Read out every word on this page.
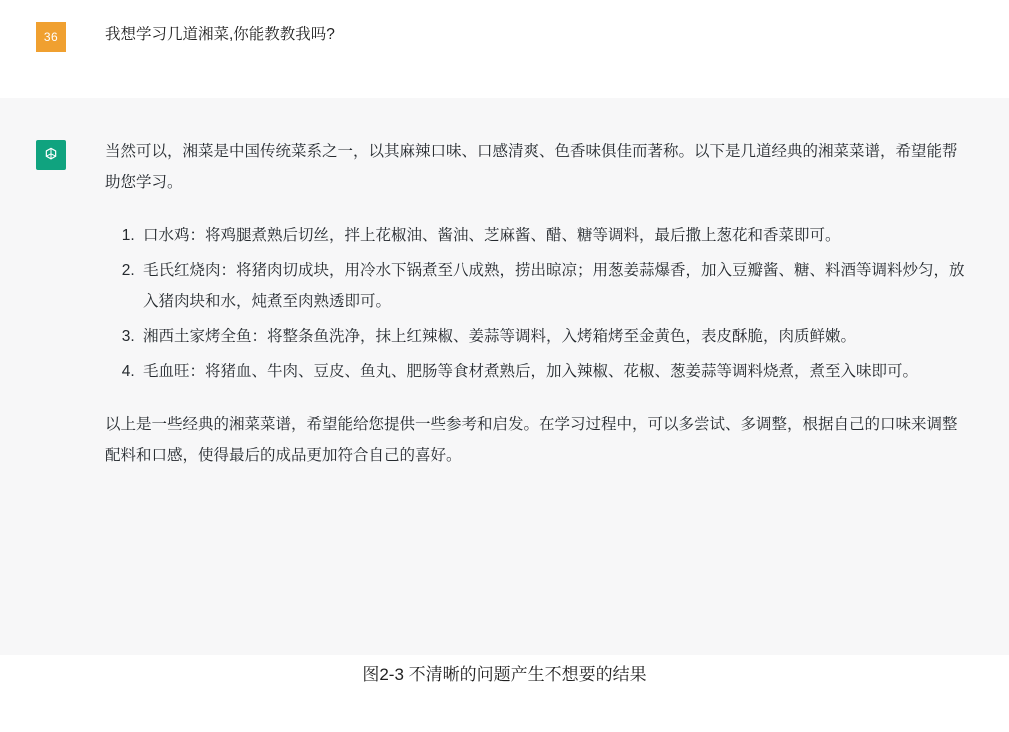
36	我想学习几道湘菜,你能教教我吗?

当然可以，湘菜是中国传统菜系之一，以其麻辣口味、口感清爽、色香味俱佳而著称。以下是几道经典的湘菜菜谱，希望能帮助您学习。

1. 口水鸡：将鸡腿煮熟后切丝，拌上花椒油、酱油、芝麻酱、醋、糖等调料，最后撒上葱花和香菜即可。
2. 毛氏红烧肉：将猪肉切成块，用冷水下锅煮至八成熟，捞出晾凉；用葱姜蒜爆香，加入豆瓣酱、糖、料酒等调料炒匀，放入猪肉块和水，炖煮至肉熟透即可。
3. 湘西土家烤全鱼：将整条鱼洗净，抹上红辣椒、姜蒜等调料，入烤箱烤至金黄色，表皮酥脆，肉质鲜嫩。
4. 毛血旺：将猪血、牛肉、豆皮、鱼丸、肥肠等食材煮熟后，加入辣椒、花椒、葱姜蒜等调料烧煮，煮至入味即可。

以上是一些经典的湘菜菜谱，希望能给您提供一些参考和启发。在学习过程中，可以多尝试、多调整，根据自己的口味来调整配料和口感，使得最后的成品更加符合自己的喜好。

图2-3 不清晰的问题产生不想要的结果
